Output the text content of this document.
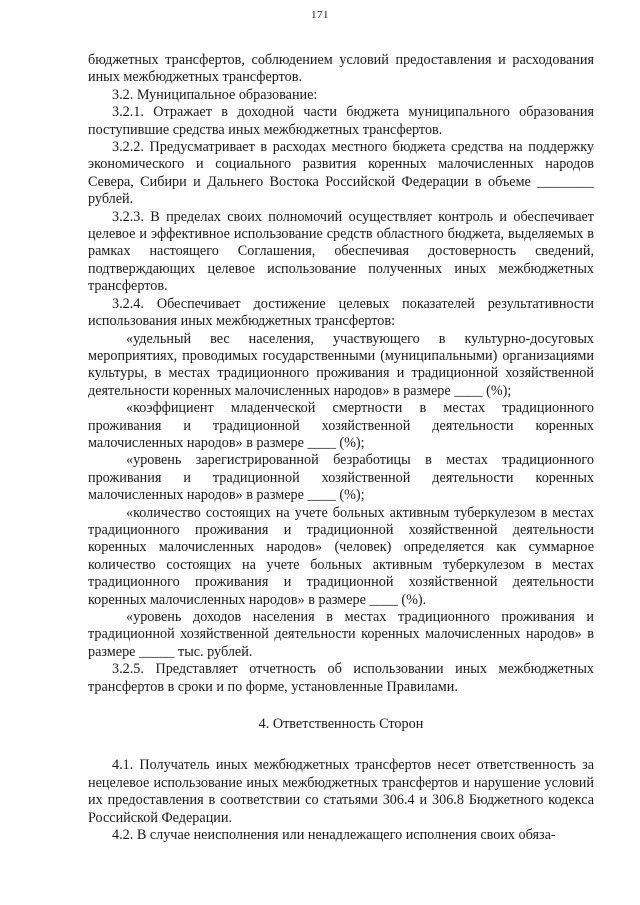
171

бюджетных трансфертов, соблюдением условий предоставления и расходования иных межбюджетных трансфертов.

3.2. Муниципальное образование:

3.2.1. Отражает в доходной части бюджета муниципального образования поступившие средства иных межбюджетных трансфертов.

3.2.2. Предусматривает в расходах местного бюджета средства на поддержку экономического и социального развития коренных малочисленных народов Севера, Сибири и Дальнего Востока Российской Федерации в объеме ________ рублей.

3.2.3. В пределах своих полномочий осуществляет контроль и обеспечивает целевое и эффективное использование средств областного бюджета, выделяемых в рамках настоящего Соглашения, обеспечивая достоверность сведений, подтверждающих целевое использование полученных иных межбюджетных трансфертов.

3.2.4. Обеспечивает достижение целевых показателей результативности использования иных межбюджетных трансфертов:

«удельный вес населения, участвующего в культурно-досуговых мероприятиях, проводимых государственными (муниципальными) организациями культуры, в местах традиционного проживания и традиционной хозяйственной деятельности коренных малочисленных народов» в размере ____ (%);

«коэффициент младенческой смертности в местах традиционного проживания и традиционной хозяйственной деятельности коренных малочисленных народов» в размере ____ (%);

«уровень зарегистрированной безработицы в местах традиционного проживания и традиционной хозяйственной деятельности коренных малочисленных народов» в размере ____ (%);

«количество состоящих на учете больных активным туберкулезом в местах традиционного проживания и традиционной хозяйственной деятельности коренных малочисленных народов» (человек) определяется как суммарное количество состоящих на учете больных активным туберкулезом в местах традиционного проживания и традиционной хозяйственной деятельности коренных малочисленных народов» в размере ____ (%).

«уровень доходов населения в местах традиционного проживания и традиционной хозяйственной деятельности коренных малочисленных народов» в размере _____ тыс. рублей.

3.2.5. Представляет отчетность об использовании иных межбюджетных трансфертов в сроки и по форме, установленные Правилами.

4. Ответственность Сторон

4.1. Получатель иных межбюджетных трансфертов несет ответственность за нецелевое использование иных межбюджетных трансфертов и нарушение условий их предоставления в соответствии со статьями 306.4 и 306.8 Бюджетного кодекса Российской Федерации.

4.2. В случае неисполнения или ненадлежащего исполнения своих обяза-
